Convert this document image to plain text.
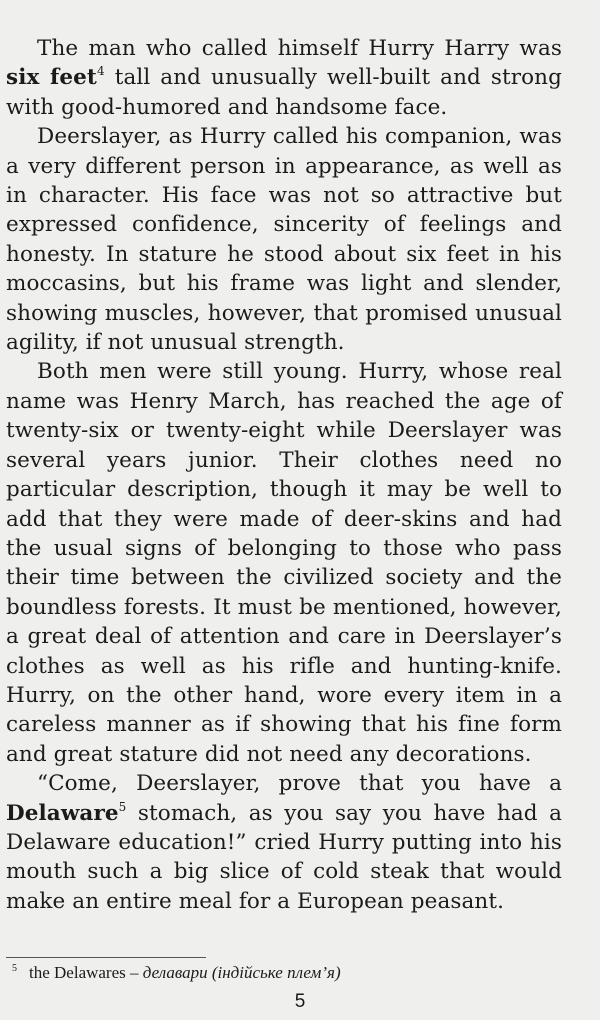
The man who called himself Hurry Harry was six feet$^4$ tall and unusually well-built and strong with good-humored and handsome face.

Deerslayer, as Hurry called his companion, was a very different person in appearance, as well as in character. His face was not so attractive but expressed confidence, sincerity of feelings and honesty. In stature he stood about six feet in his moccasins, but his frame was light and slender, showing muscles, however, that promised unusual agility, if not unusual strength.

Both men were still young. Hurry, whose real name was Henry March, has reached the age of twenty-six or twenty-eight while Deerslayer was several years junior. Their clothes need no particular description, though it may be well to add that they were made of deer-skins and had the usual signs of belonging to those who pass their time between the civilized society and the boundless forests. It must be mentioned, however, a great deal of attention and care in Deerslayer’s clothes as well as his rifle and hunting-knife. Hurry, on the other hand, wore every item in a careless manner as if showing that his fine form and great stature did not need any decorations.

“Come, Deerslayer, prove that you have a Delaware$^5$ stomach, as you say you have had a Delaware education!” cried Hurry putting into his mouth such a big slice of cold steak that would make an entire meal for a European peasant.

$^5$ the Delawares – делавари (індійське плем’я)
5
